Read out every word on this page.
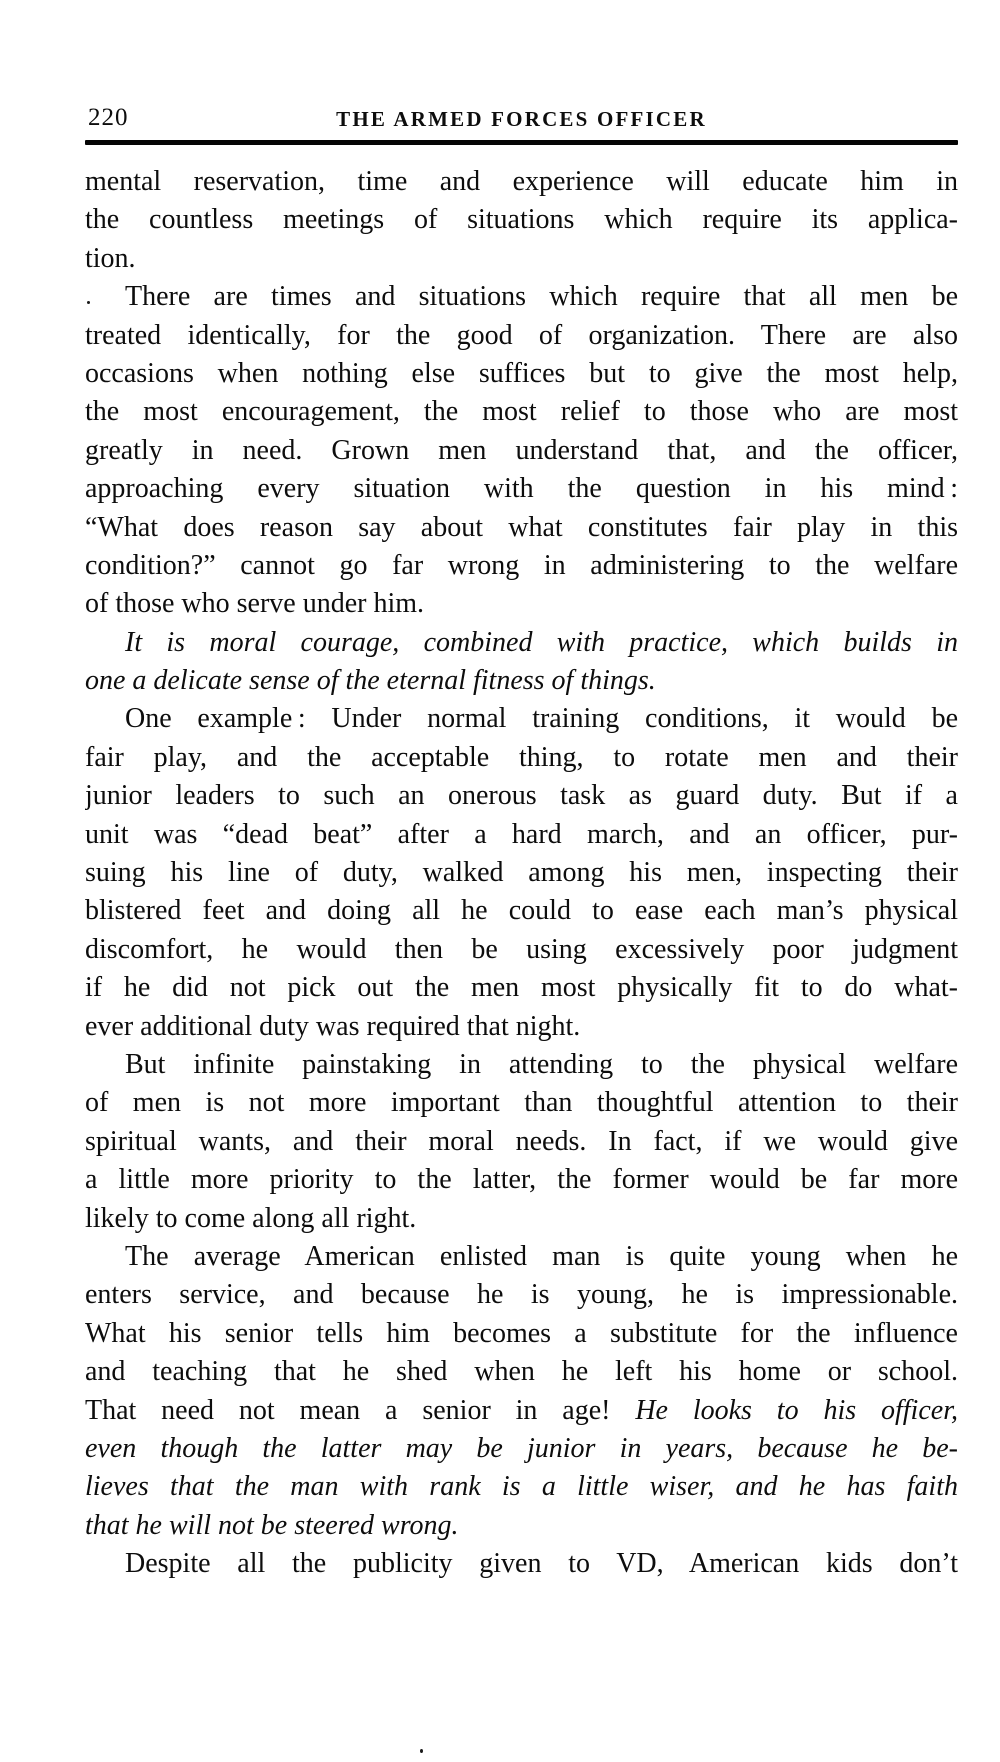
220	THE ARMED FORCES OFFICER
mental reservation, time and experience will educate him in
the countless meetings of situations which require its applica-
tion.
There are times and situations which require that all men be
treated identically, for the good of organization. There are also
occasions when nothing else suffices but to give the most help,
the most encouragement, the most relief to those who are most
greatly in need. Grown men understand that, and the officer,
approaching every situation with the question in his mind :
“What does reason say about what constitutes fair play in this
condition?” cannot go far wrong in administering to the welfare
of those who serve under him.
It is moral courage, combined with practice, which builds in
one a delicate sense of the eternal fitness of things.
One example : Under normal training conditions, it would be
fair play, and the acceptable thing, to rotate men and their
junior leaders to such an onerous task as guard duty. But if a
unit was “dead beat” after a hard march, and an officer, pur-
suing his line of duty, walked among his men, inspecting their
blistered feet and doing all he could to ease each man’s physical
discomfort, he would then be using excessively poor judgment
if he did not pick out the men most physically fit to do what-
ever additional duty was required that night.
But infinite painstaking in attending to the physical welfare
of men is not more important than thoughtful attention to their
spiritual wants, and their moral needs. In fact, if we would give
a little more priority to the latter, the former would be far more
likely to come along all right.
The average American enlisted man is quite young when he
enters service, and because he is young, he is impressionable.
What his senior tells him becomes a substitute for the influence
and teaching that he shed when he left his home or school.
That need not mean a senior in age! He looks to his officer,
even though the latter may be junior in years, because he be-
lieves that the man with rank is a little wiser, and he has faith
that he will not be steered wrong.
Despite all the publicity given to VD, American kids don’t
